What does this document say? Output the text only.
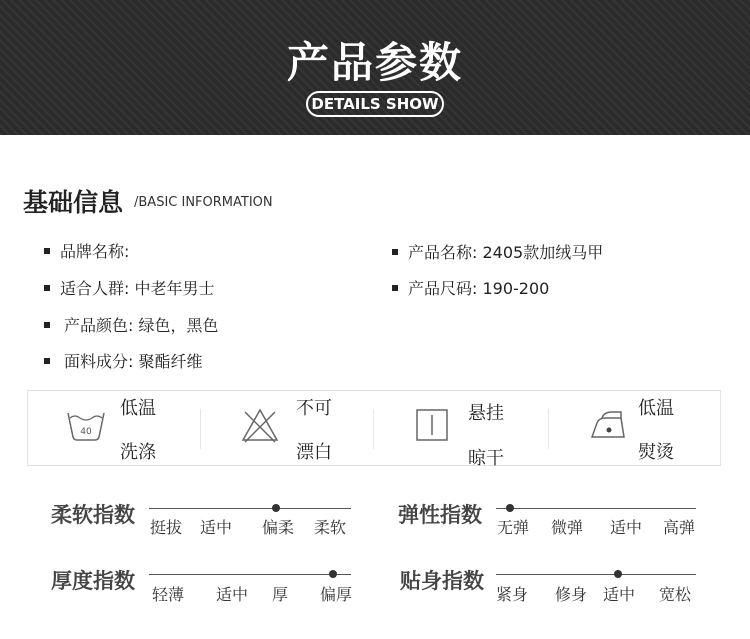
产品参数
DETAILS SHOW
基础信息 /BASIC INFORMATION
品牌名称:
适合人群: 中老年男士
产品颜色: 绿色，黑色
面料成分: 聚酯纤维
产品名称: 2405款加绒马甲
产品尺码: 190-200
40
低温
洗涤
不可
漂白
悬挂
晾干
低温
熨烫
柔软指数
挺拔 适中 偏柔 柔软
弹性指数
无弹 微弹 适中 高弹
厚度指数
轻薄 适中 厚 偏厚
贴身指数
紧身 修身 适中 宽松
